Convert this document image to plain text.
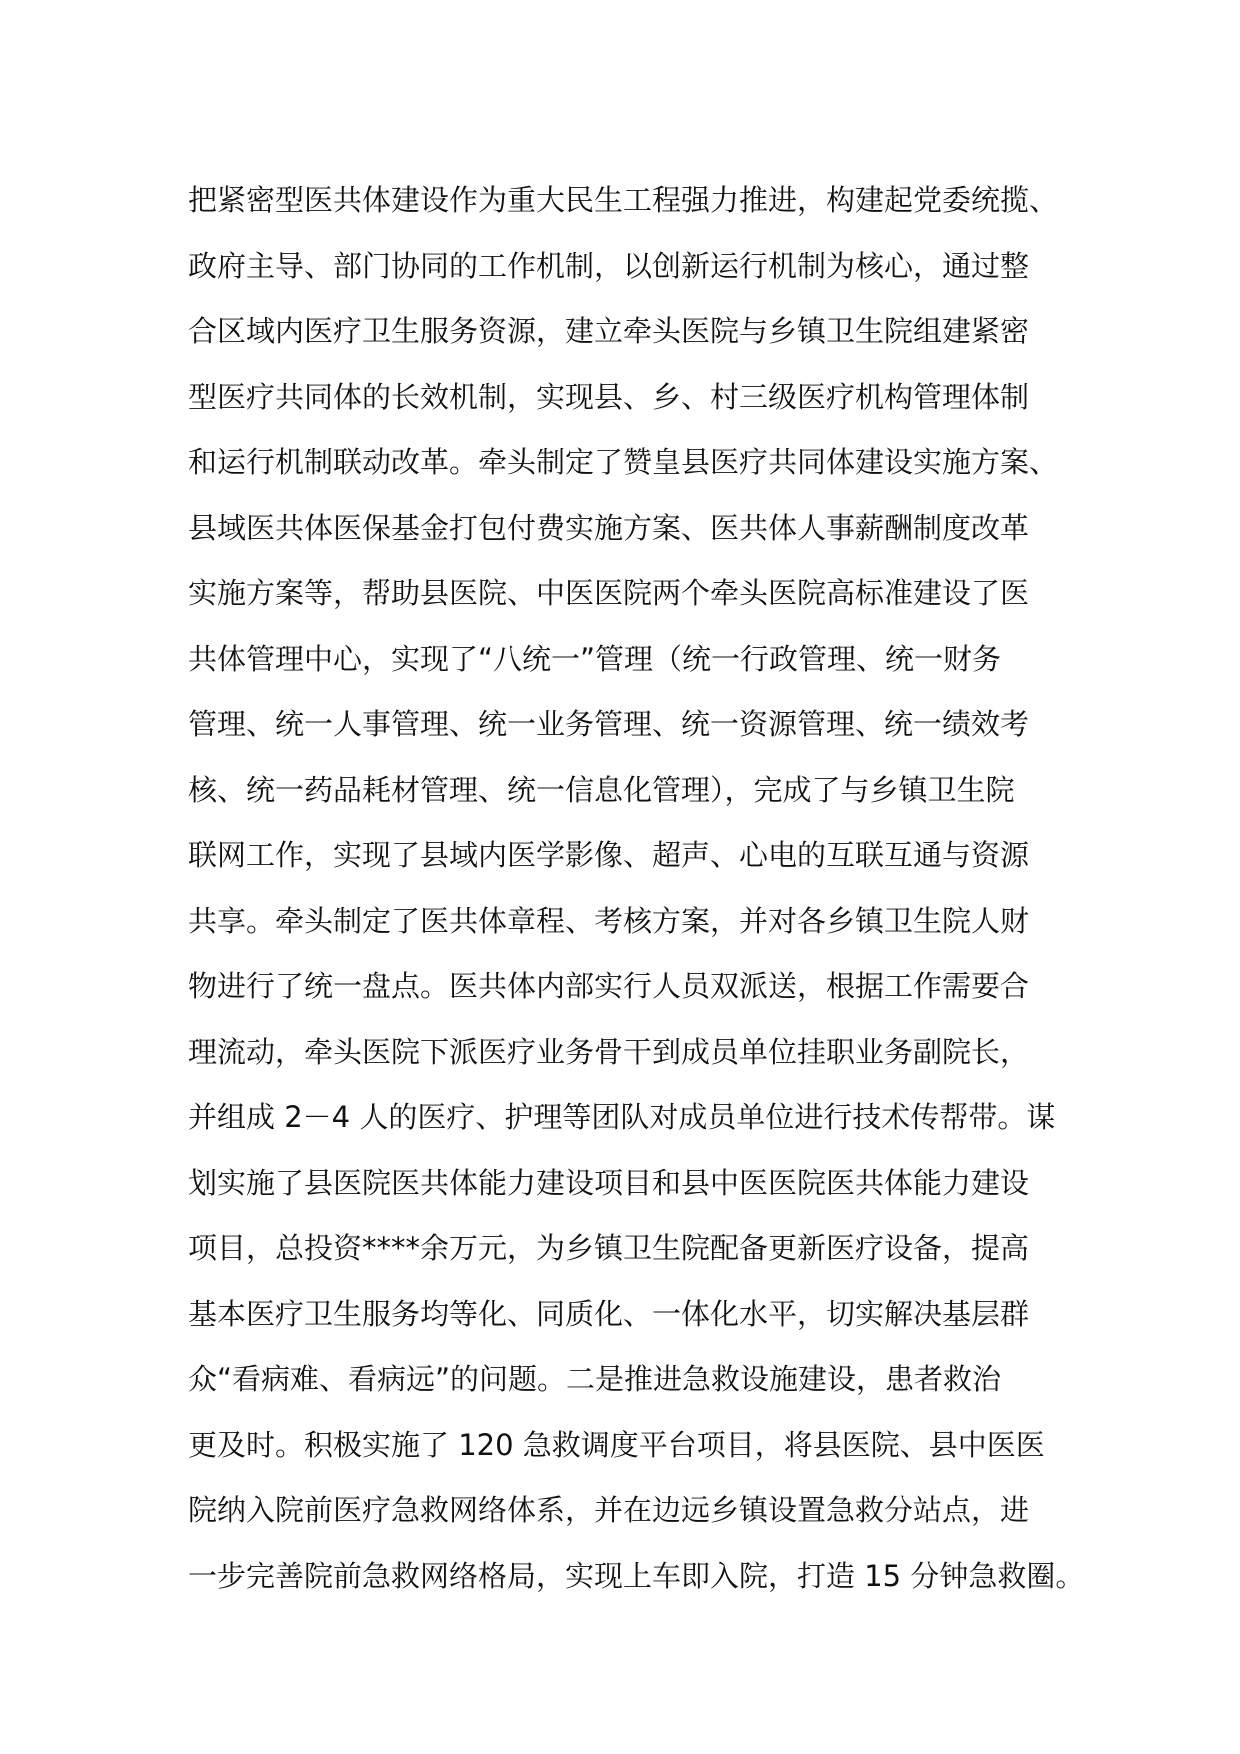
把紧密型医共体建设作为重大民生工程强力推进，构建起党委统揽、
政府主导、部门协同的工作机制，以创新运行机制为核心，通过整
合区域内医疗卫生服务资源，建立牵头医院与乡镇卫生院组建紧密
型医疗共同体的长效机制，实现县、乡、村三级医疗机构管理体制
和运行机制联动改革。牵头制定了赞皇县医疗共同体建设实施方案、
县域医共体医保基金打包付费实施方案、医共体人事薪酬制度改革
实施方案等，帮助县医院、中医医院两个牵头医院高标准建设了医
共体管理中心，实现了“八统一”管理（统一行政管理、统一财务
管理、统一人事管理、统一业务管理、统一资源管理、统一绩效考
核、统一药品耗材管理、统一信息化管理），完成了与乡镇卫生院
联网工作，实现了县域内医学影像、超声、心电的互联互通与资源
共享。牵头制定了医共体章程、考核方案，并对各乡镇卫生院人财
物进行了统一盘点。医共体内部实行人员双派送，根据工作需要合
理流动，牵头医院下派医疗业务骨干到成员单位挂职业务副院长，
并组成 2－4 人的医疗、护理等团队对成员单位进行技术传帮带。谋
划实施了县医院医共体能力建设项目和县中医医院医共体能力建设
项目，总投资****余万元，为乡镇卫生院配备更新医疗设备，提高
基本医疗卫生服务均等化、同质化、一体化水平，切实解决基层群
众“看病难、看病远”的问题。二是推进急救设施建设，患者救治
更及时。积极实施了 120 急救调度平台项目，将县医院、县中医医
院纳入院前医疗急救网络体系，并在边远乡镇设置急救分站点，进
一步完善院前急救网络格局，实现上车即入院，打造 15 分钟急救圈。
